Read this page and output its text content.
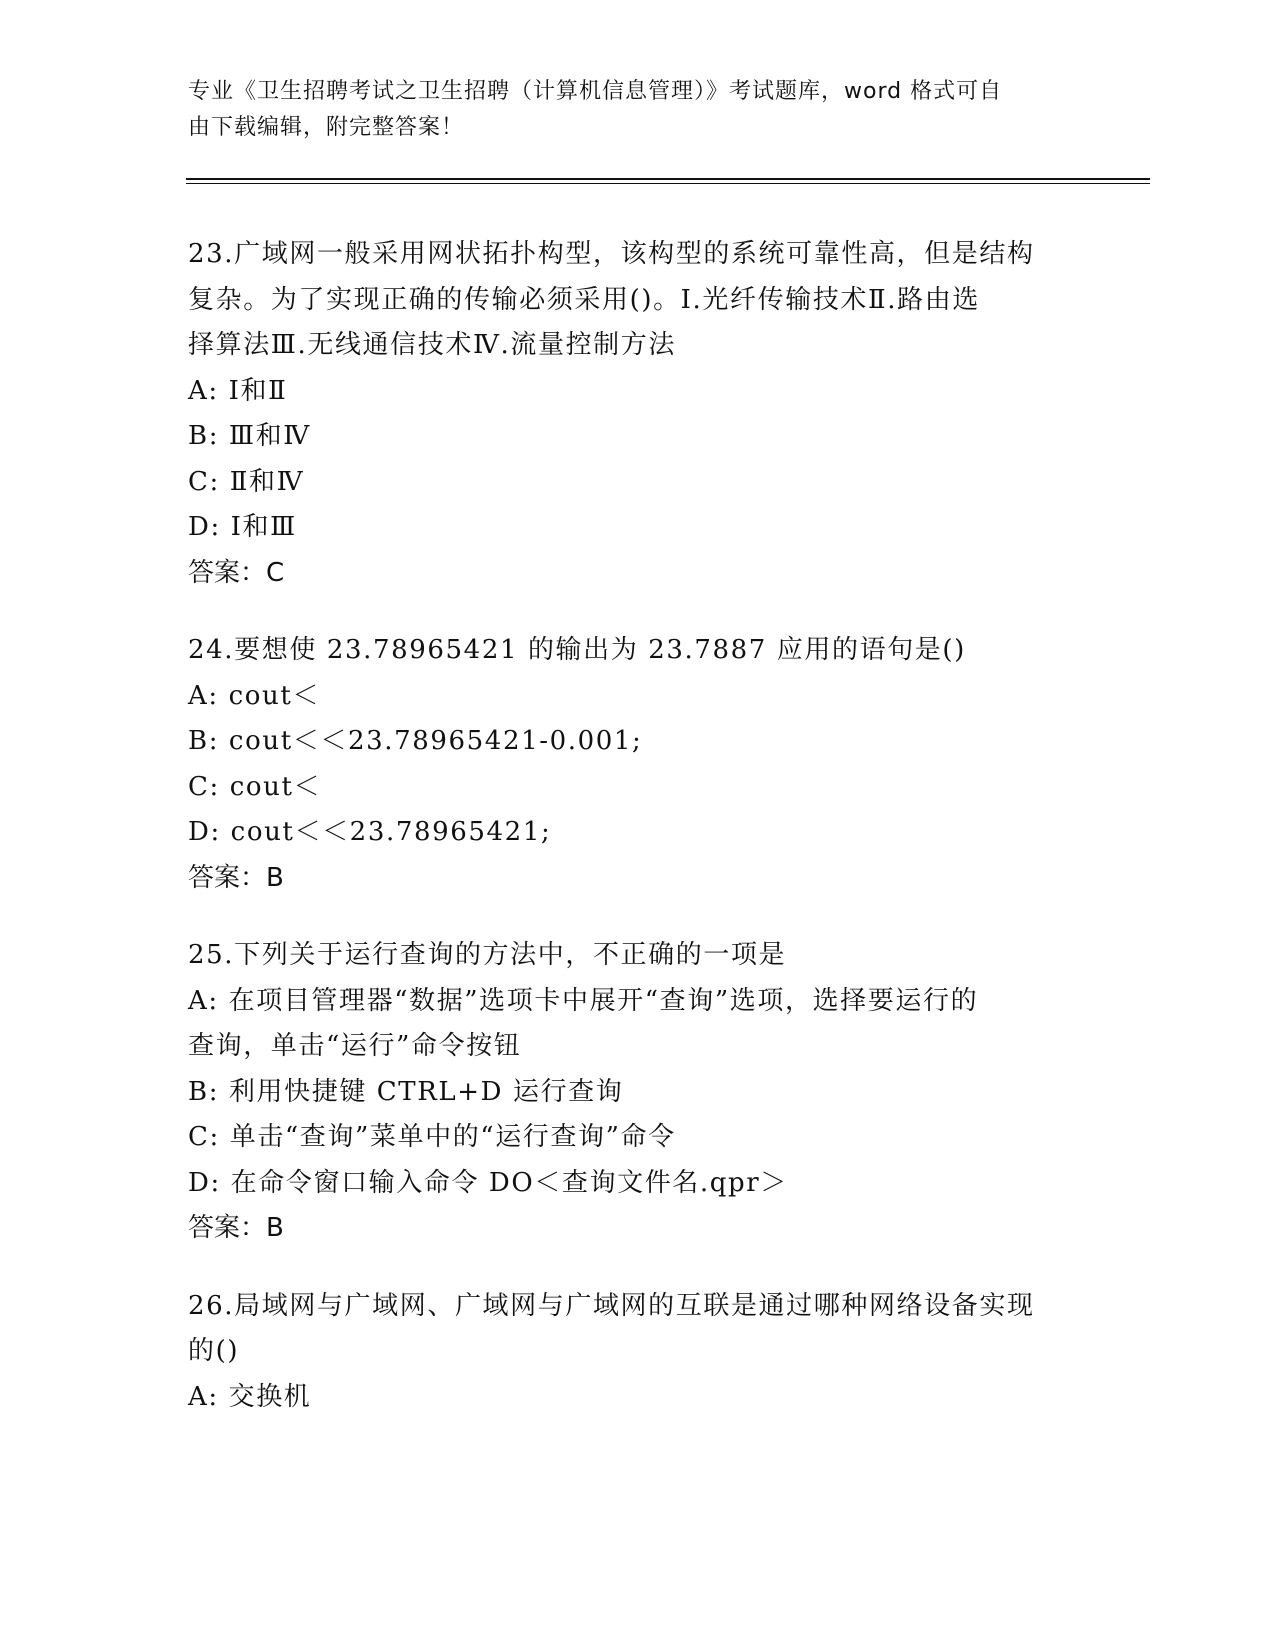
专业《卫生招聘考试之卫生招聘（计算机信息管理）》考试题库，word 格式可自
由下载编辑，附完整答案！

23.广域网一般采用网状拓扑构型，该构型的系统可靠性高，但是结构

复杂。为了实现正确的传输必须采用()。Ⅰ.光纤传输技术Ⅱ.路由选

择算法Ⅲ.无线通信技术Ⅳ.流量控制方法

A: Ⅰ和Ⅱ

B: Ⅲ和Ⅳ

C: Ⅱ和Ⅳ

D: Ⅰ和Ⅲ

答案：C

24.要想使 23.78965421 的输出为 23.7887 应用的语句是()

A: cout＜

B: cout＜＜23.78965421-0.001;

C: cout＜

D: cout＜＜23.78965421;

答案：B

25.下列关于运行查询的方法中，不正确的一项是

A: 在项目管理器“数据”选项卡中展开“查询”选项，选择要运行的

查询，单击“运行”命令按钮

B: 利用快捷键 CTRL+D 运行查询

C: 单击“查询”菜单中的“运行查询”命令

D: 在命令窗口输入命令 DO＜查询文件名.qpr＞

答案：B

26.局域网与广域网、广域网与广域网的互联是通过哪种网络设备实现

的()

A: 交换机
